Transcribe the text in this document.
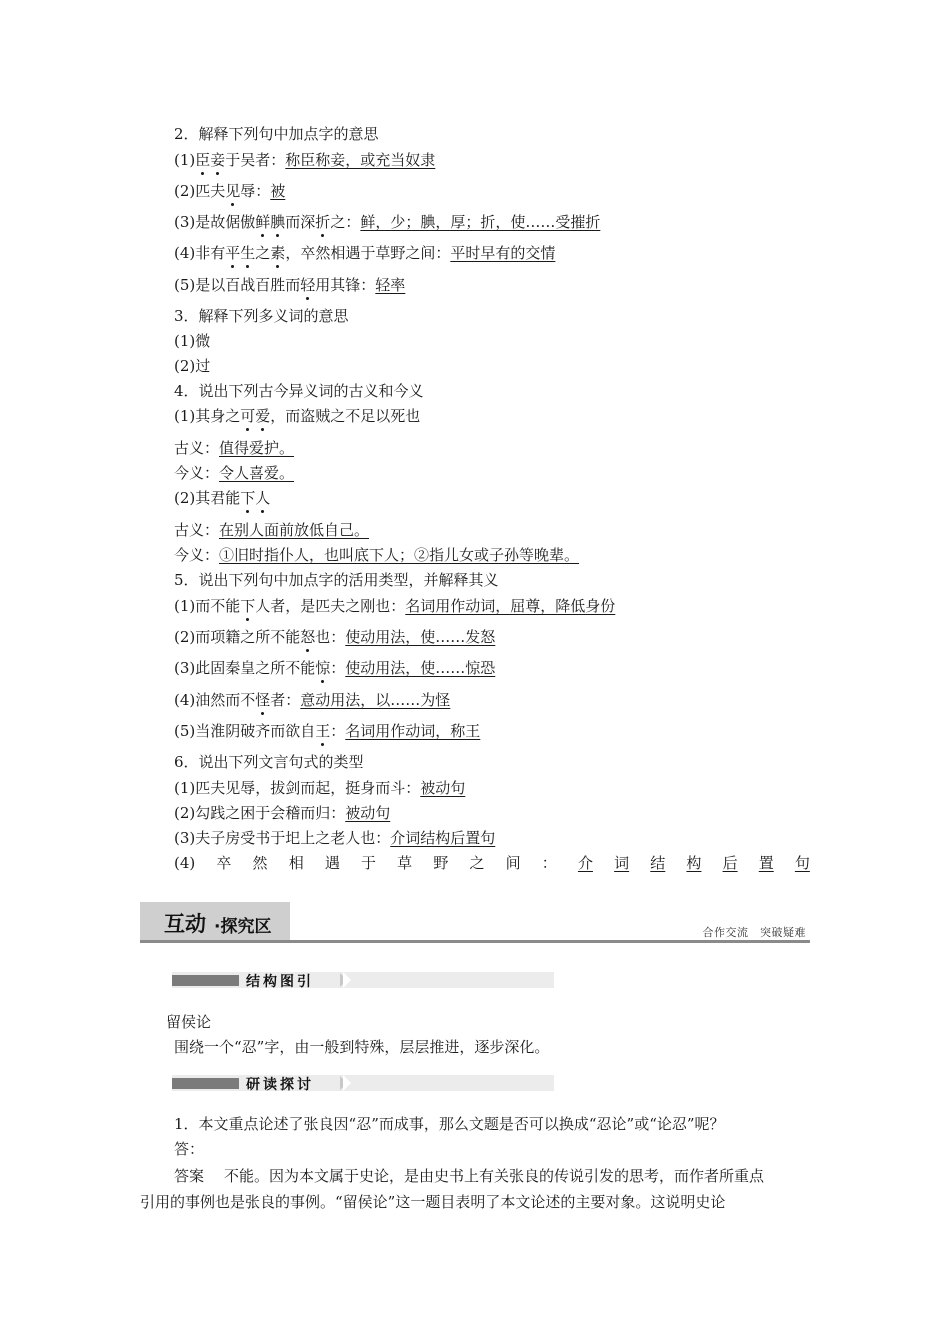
2．解释下列句中加点字的意思
(1)臣妾于吴者：称臣称妾，或充当奴隶
(2)匹夫见辱：被
(3)是故倨傲鲜腆而深折之：鲜，少；腆，厚；折，使……受摧折
(4)非有平生之素，卒然相遇于草野之间：平时早有的交情
(5)是以百战百胜而轻用其锋：轻率
3．解释下列多义词的意思
(1)微
(2)过
4．说出下列古今异义词的古义和今义
(1)其身之可爱，而盗贼之不足以死也
古义：值得爱护。
今义：令人喜爱。
(2)其君能下人
古义：在别人面前放低自己。
今义：①旧时指仆人，也叫底下人；②指儿女或子孙等晚辈。
5．说出下列句中加点字的活用类型，并解释其义
(1)而不能下人者，是匹夫之刚也：名词用作动词，屈尊，降低身份
(2)而项籍之所不能怒也：使动用法，使……发怒
(3)此固秦皇之所不能惊：使动用法，使……惊恐
(4)油然而不怪者：意动用法，以……为怪
(5)当淮阴破齐而欲自王：名词用作动词，称王
6．说出下列文言句式的类型
(1)匹夫见辱，拔剑而起，挺身而斗：被动句
(2)勾践之困于会稽而归：被动句
(3)夫子房受书于圯上之老人也：介词结构后置句
(4) 卒 然 相 遇 于 草 野 之 间 ： 介 词 结 构 后 置 句
互动 ·探究区	合作交流　突破疑难
结构图引
留侯论
围绕一个“忍”字，由一般到特殊，层层推进，逐步深化。
研读探讨
1．本文重点论述了张良因“忍”而成事，那么文题是否可以换成“忍论”或“论忍”呢？
答：
答案 不能。因为本文属于史论，是由史书上有关张良的传说引发的思考，而作者所重点
引用的事例也是张良的事例。“留侯论”这一题目表明了本文论述的主要对象。这说明史论
